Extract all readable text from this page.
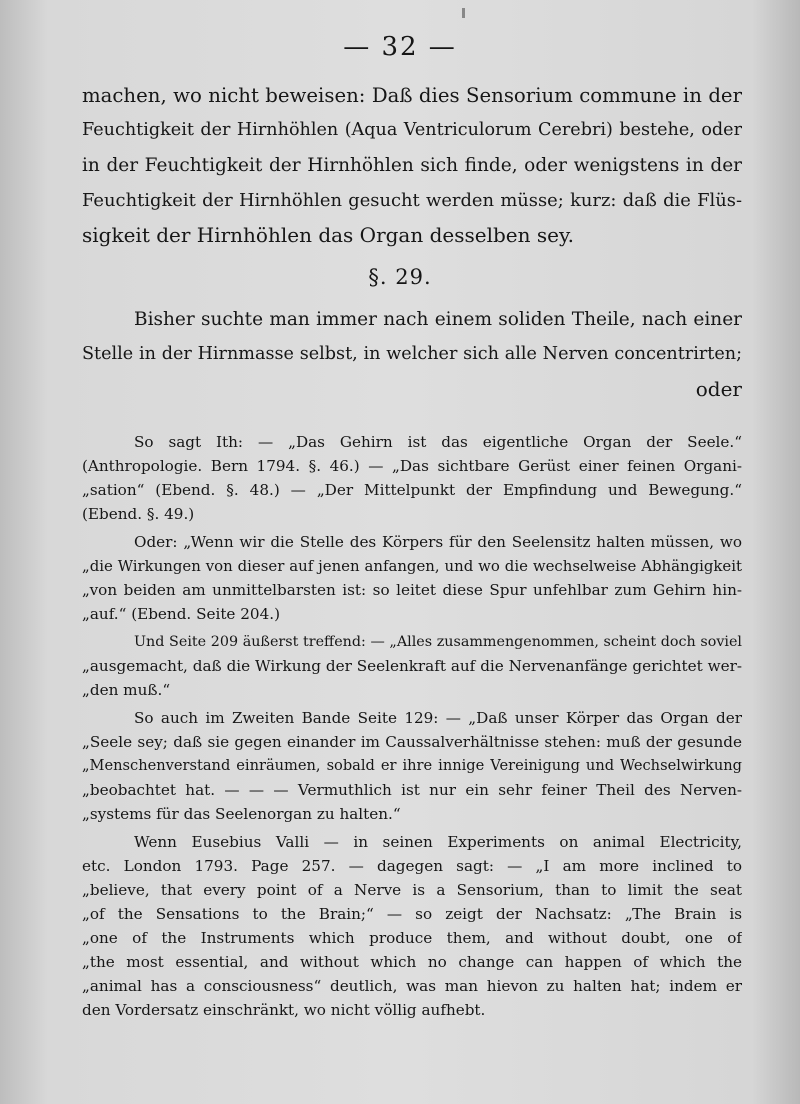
— 32 —
machen, wo nicht beweisen: Daß dies Sensorium commune in der
Feuchtigkeit der Hirnhöhlen (Aqua Ventriculorum Cerebri) bestehe, oder
in der Feuchtigkeit der Hirnhöhlen sich finde, oder wenigstens in der
Feuchtigkeit der Hirnhöhlen gesucht werden müsse; kurz: daß die Flüs-
sigkeit der Hirnhöhlen das Organ desselben sey.
§. 29.
Bisher suchte man immer nach einem soliden Theile, nach einer
Stelle in der Hirnmasse selbst, in welcher sich alle Nerven concentrirten;
oder
So sagt Ith: — „Das Gehirn ist das eigentliche Organ der Seele.“
(Anthropologie. Bern 1794. §. 46.) — „Das sichtbare Gerüst einer feinen Organi-
„sation“ (Ebend. §. 48.) — „Der Mittelpunkt der Empfindung und Bewegung.“
(Ebend. §. 49.)
Oder: „Wenn wir die Stelle des Körpers für den Seelensitz halten müssen, wo
„die Wirkungen von dieser auf jenen anfangen, und wo die wechselweise Abhängigkeit
„von beiden am unmittelbarsten ist: so leitet diese Spur unfehlbar zum Gehirn hin-
„auf.“ (Ebend. Seite 204.)
Und Seite 209 äußerst treffend: — „Alles zusammengenommen, scheint doch soviel
„ausgemacht, daß die Wirkung der Seelenkraft auf die Nervenanfänge gerichtet wer-
„den muß.“
So auch im Zweiten Bande Seite 129: — „Daß unser Körper das Organ der
„Seele sey; daß sie gegen einander im Caussalverhältnisse stehen: muß der gesunde
„Menschenverstand einräumen, sobald er ihre innige Vereinigung und Wechselwirkung
„beobachtet hat. — — — Vermuthlich ist nur ein sehr feiner Theil des Nerven-
„systems für das Seelenorgan zu halten.“
Wenn Eusebius Valli — in seinen Experiments on animal Electricity,
etc. London 1793. Page 257. — dagegen sagt: — „I am more inclined to
„believe, that every point of a Nerve is a Sensorium, than to limit the seat
„of the Sensations to the Brain;“ — so zeigt der Nachsatz: „The Brain is
„one of the Instruments which produce them, and without doubt, one of
„the most essential, and without which no change can happen of which the
„animal has a consciousness“ deutlich, was man hievon zu halten hat; indem er
den Vordersatz einschränkt, wo nicht völlig aufhebt.
